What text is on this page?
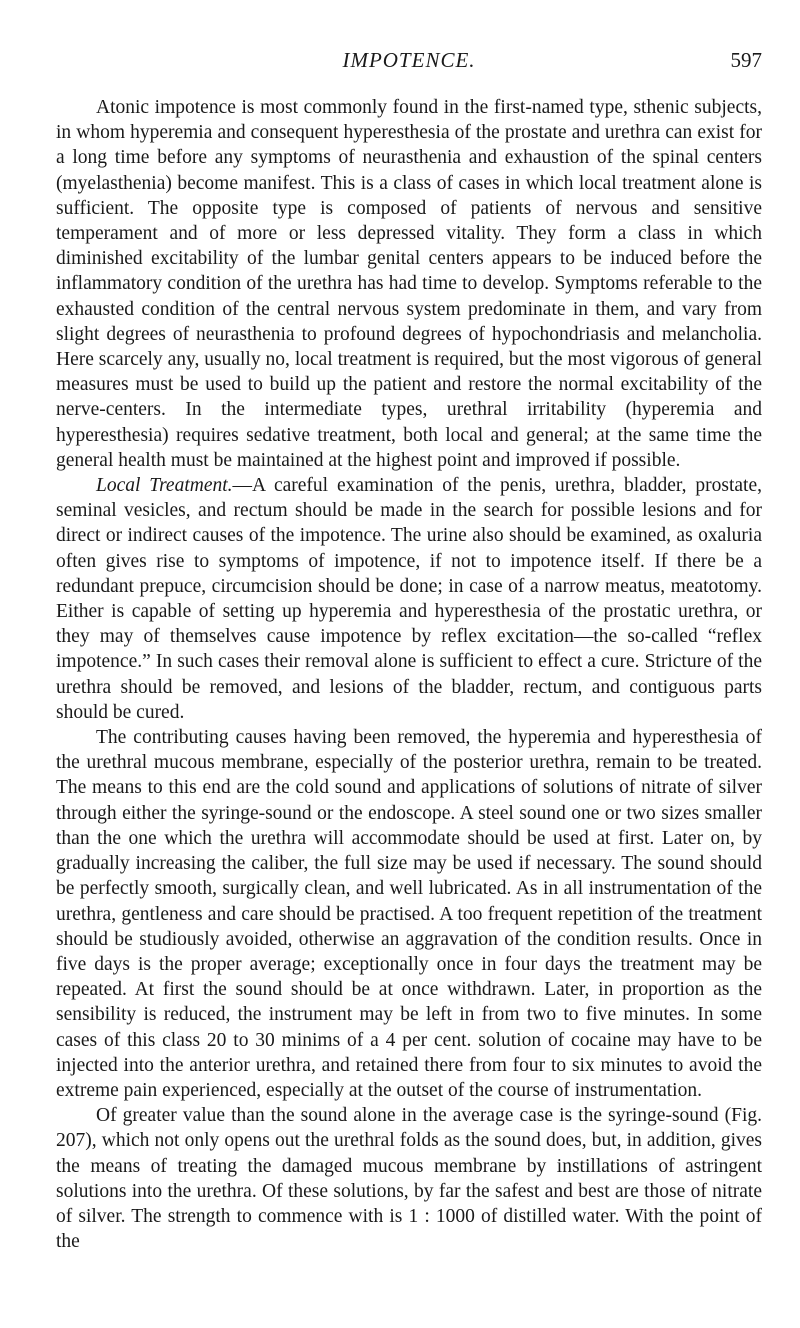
IMPOTENCE.	597

Atonic impotence is most commonly found in the first-named type, sthenic subjects, in whom hyperemia and consequent hyperesthesia of the prostate and urethra can exist for a long time before any symptoms of neurasthenia and exhaustion of the spinal centers (myelasthenia) become manifest. This is a class of cases in which local treatment alone is sufficient. The opposite type is composed of patients of nervous and sensitive temperament and of more or less depressed vitality. They form a class in which diminished excitability of the lumbar genital centers appears to be induced before the inflammatory condition of the urethra has had time to develop. Symptoms referable to the exhausted condition of the central nervous system predominate in them, and vary from slight degrees of neurasthenia to profound degrees of hypochondriasis and melancholia. Here scarcely any, usually no, local treatment is required, but the most vigorous of general measures must be used to build up the patient and restore the normal excitability of the nerve-centers. In the intermediate types, urethral irritability (hyperemia and hyperesthesia) requires sedative treatment, both local and general; at the same time the general health must be maintained at the highest point and improved if possible.

Local Treatment.—A careful examination of the penis, urethra, bladder, prostate, seminal vesicles, and rectum should be made in the search for possible lesions and for direct or indirect causes of the impotence. The urine also should be examined, as oxaluria often gives rise to symptoms of impotence, if not to impotence itself. If there be a redundant prepuce, circumcision should be done; in case of a narrow meatus, meatotomy. Either is capable of setting up hyperemia and hyperesthesia of the prostatic urethra, or they may of themselves cause impotence by reflex excitation—the so-called “reflex impotence.” In such cases their removal alone is sufficient to effect a cure. Stricture of the urethra should be removed, and lesions of the bladder, rectum, and contiguous parts should be cured.

The contributing causes having been removed, the hyperemia and hyperesthesia of the urethral mucous membrane, especially of the posterior urethra, remain to be treated. The means to this end are the cold sound and applications of solutions of nitrate of silver through either the syringe-sound or the endoscope. A steel sound one or two sizes smaller than the one which the urethra will accommodate should be used at first. Later on, by gradually increasing the caliber, the full size may be used if necessary. The sound should be perfectly smooth, surgically clean, and well lubricated. As in all instrumentation of the urethra, gentleness and care should be practised. A too frequent repetition of the treatment should be studiously avoided, otherwise an aggravation of the condition results. Once in five days is the proper average; exceptionally once in four days the treatment may be repeated. At first the sound should be at once withdrawn. Later, in proportion as the sensibility is reduced, the instrument may be left in from two to five minutes. In some cases of this class 20 to 30 minims of a 4 per cent. solution of cocaine may have to be injected into the anterior urethra, and retained there from four to six minutes to avoid the extreme pain experienced, especially at the outset of the course of instrumentation.

Of greater value than the sound alone in the average case is the syringe-sound (Fig. 207), which not only opens out the urethral folds as the sound does, but, in addition, gives the means of treating the damaged mucous membrane by instillations of astringent solutions into the urethra. Of these solutions, by far the safest and best are those of nitrate of silver. The strength to commence with is 1 : 1000 of distilled water. With the point of the
